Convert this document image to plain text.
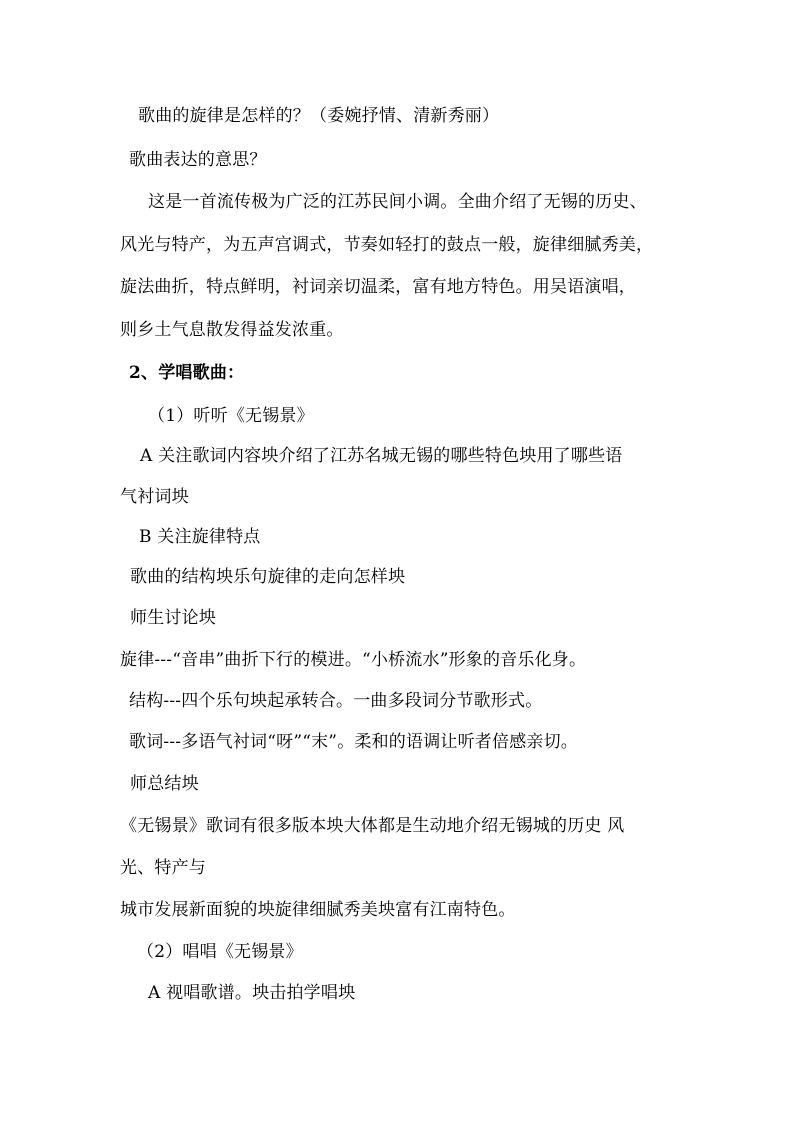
歌曲的旋律是怎样的？（委婉抒情、清新秀丽）
歌曲表达的意思？
这是一首流传极为广泛的江苏民间小调。全曲介绍了无锡的历史、
风光与特产，为五声宫调式，节奏如轻打的鼓点一般，旋律细腻秀美，
旋法曲折，特点鲜明，衬词亲切温柔，富有地方特色。用吴语演唱，
则乡土气息散发得益发浓重。
2、学唱歌曲：
（1）听听《无锡景》
A 关注歌词内容坱介绍了江苏名城无锡的哪些特色坱用了哪些语
气衬词坱
B 关注旋律特点
歌曲的结构坱乐句旋律的走向怎样坱
师生讨论坱
旋律---“音串”曲折下行的模进。“小桥流水”形象的音乐化身。
结构---四个乐句坱起承转合。一曲多段词分节歌形式。
歌词---多语气衬词“呀”“末”。柔和的语调让听者倍感亲切。
师总结坱
《无锡景》歌词有很多版本坱大体都是生动地介绍无锡城的历史 风
光、特产与
城市发展新面貌的坱旋律细腻秀美坱富有江南特色。
（2）唱唱《无锡景》
A 视唱歌谱。坱击拍学唱坱
